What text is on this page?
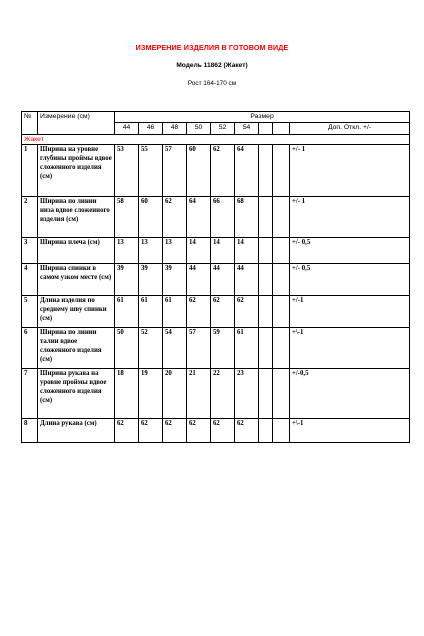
ИЗМЕРЕНИЕ ИЗДЕЛИЯ В ГОТОВОМ ВИДЕ
Модель 11862 (Жакет)
Рост 164-170 см
№	Измерение (см)	Размер								
		44	46	48	50	52	54			Доп. Откл. +/-
Жакет										
1	Ширина на уровне глубины проймы вдвое сложенного изделия (см)	53	55	57	60	62	64			+/- 1
2	Ширина по линии низа вдвое сложенного изделия (см)	58	60	62	64	66	68			+/- 1
3	Ширина плеча (см)	13	13	13	14	14	14			+/- 0,5
4	Ширина спинки в самом узком месте (см)	39	39	39	44	44	44			+/- 0,5
5	Длина изделия по среднему шву спинки (см)	61	61	61	62	62	62			+/-1
6	Ширина по линии талии вдвое сложенного изделия (см)	50	52	54	57	59	61			+\-1
7	Ширина рукава на уровне проймы вдвое сложенного изделия (см)	18	19	20	21	22	23			+/-0,5
8	Длина рукава (см)	62	62	62	62	62	62			+\-1
